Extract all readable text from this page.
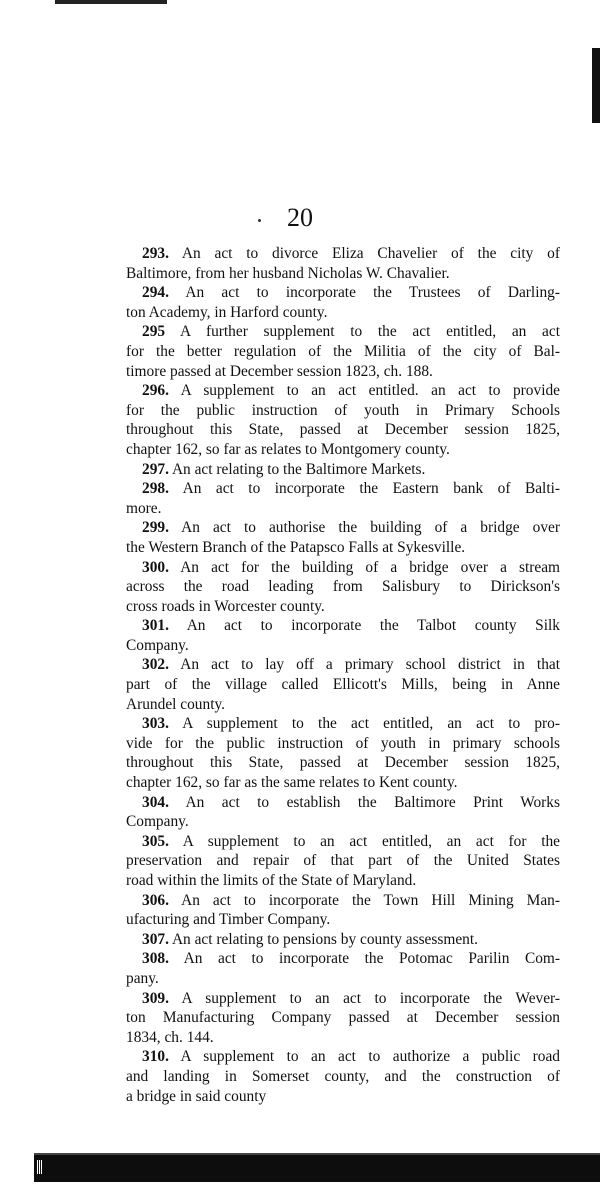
20
293. An act to divorce Eliza Chavelier of the city of
Baltimore, from her husband Nicholas W. Chavalier.
294. An act to incorporate the Trustees of Darling-
ton Academy, in Harford county.
295 A further supplement to the act entitled, an act
for the better regulation of the Militia of the city of Bal-
timore passed at December session 1823, ch. 188.
296. A supplement to an act entitled. an act to provide
for the public instruction of youth in Primary Schools
throughout this State, passed at December session 1825,
chapter 162, so far as relates to Montgomery county.
297. An act relating to the Baltimore Markets.
298. An act to incorporate the Eastern bank of Balti-
more.
299. An act to authorise the building of a bridge over
the Western Branch of the Patapsco Falls at Sykesville.
300. An act for the building of a bridge over a stream
across the road leading from Salisbury to Dirickson's
cross roads in Worcester county.
301. An act to incorporate the Talbot county Silk
Company.
302. An act to lay off a primary school district in that
part of the village called Ellicott's Mills, being in Anne
Arundel county.
303. A supplement to the act entitled, an act to pro-
vide for the public instruction of youth in primary schools
throughout this State, passed at December session 1825,
chapter 162, so far as the same relates to Kent county.
304. An act to establish the Baltimore Print Works
Company.
305. A supplement to an act entitled, an act for the
preservation and repair of that part of the United States
road within the limits of the State of Maryland.
306. An act to incorporate the Town Hill Mining Man-
ufacturing and Timber Company.
307. An act relating to pensions by county assessment.
308. An act to incorporate the Potomac Parilin Com-
pany.
309. A supplement to an act to incorporate the Wever-
ton Manufacturing Company passed at December session
1834, ch. 144.
310. A supplement to an act to authorize a public road
and landing in Somerset county, and the construction of
a bridge in said county
